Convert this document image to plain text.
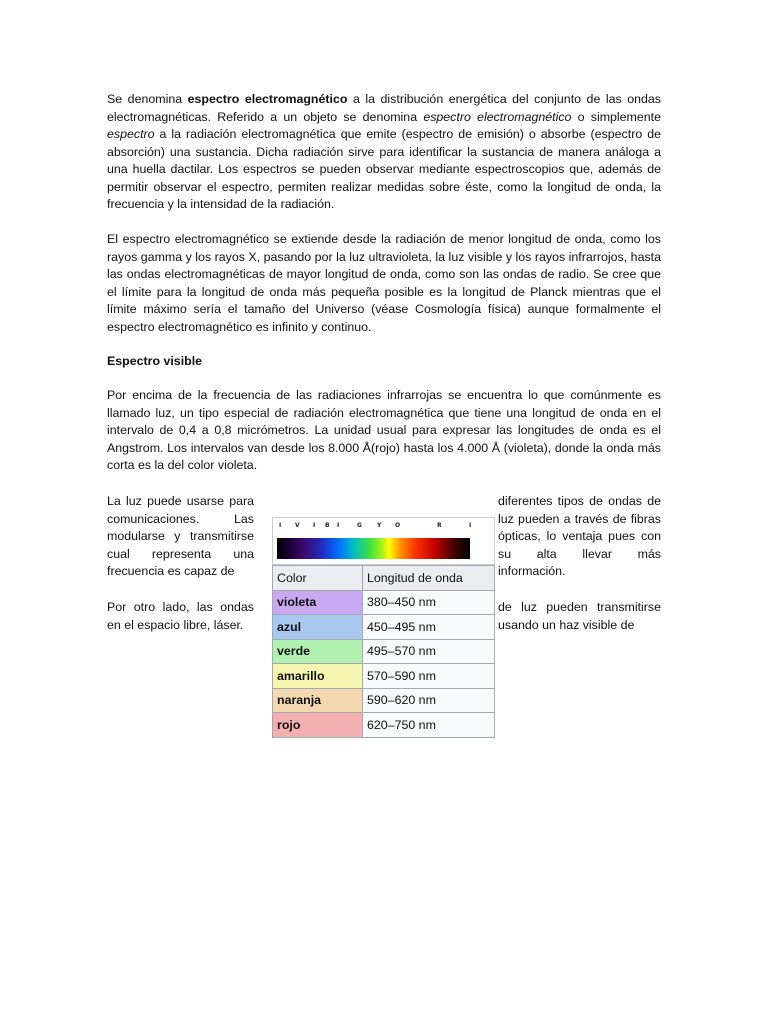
Se denomina espectro electromagnético a la distribución energética del conjunto de las ondas electromagnéticas. Referido a un objeto se denomina espectro electromagnético o simplemente espectro a la radiación electromagnética que emite (espectro de emisión) o absorbe (espectro de absorción) una sustancia. Dicha radiación sirve para identificar la sustancia de manera análoga a una huella dactilar. Los espectros se pueden observar mediante espectroscopios que, además de permitir observar el espectro, permiten realizar medidas sobre éste, como la longitud de onda, la frecuencia y la intensidad de la radiación.

El espectro electromagnético se extiende desde la radiación de menor longitud de onda, como los rayos gamma y los rayos X, pasando por la luz ultravioleta, la luz visible y los rayos infrarrojos, hasta las ondas electromagnéticas de mayor longitud de onda, como son las ondas de radio. Se cree que el límite para la longitud de onda más pequeña posible es la longitud de Planck mientras que el límite máximo sería el tamaño del Universo (véase Cosmología física) aunque formalmente el espectro electromagnético es infinito y continuo.

Espectro visible

Por encima de la frecuencia de las radiaciones infrarrojas se encuentra lo que comúnmente es llamado luz, un tipo especial de radiación electromagnética que tiene una longitud de onda en el intervalo de 0,4 a 0,8 micrómetros. La unidad usual para expresar las longitudes de onda es el Angstrom. Los intervalos van desde los 8.000 Å(rojo) hasta los 4.000 Å (violeta), donde la onda más corta es la del color violeta.

La luz puede usarse para comunicaciones. Las modularse y transmitirse cual representa una frecuencia es capaz de

Por otro lado, las ondas en el espacio libre, láser.

diferentes tipos de ondas de luz pueden a través de fibras ópticas, lo ventaja pues con su alta llevar más información.

de luz pueden transmitirse usando un haz visible de

I V I B I	G	Y O	R	I
Color	Longitud de onda
violeta	380–450 nm
azul	450–495 nm
verde	495–570 nm
amarillo	570–590 nm
naranja	590–620 nm
rojo	620–750 nm
